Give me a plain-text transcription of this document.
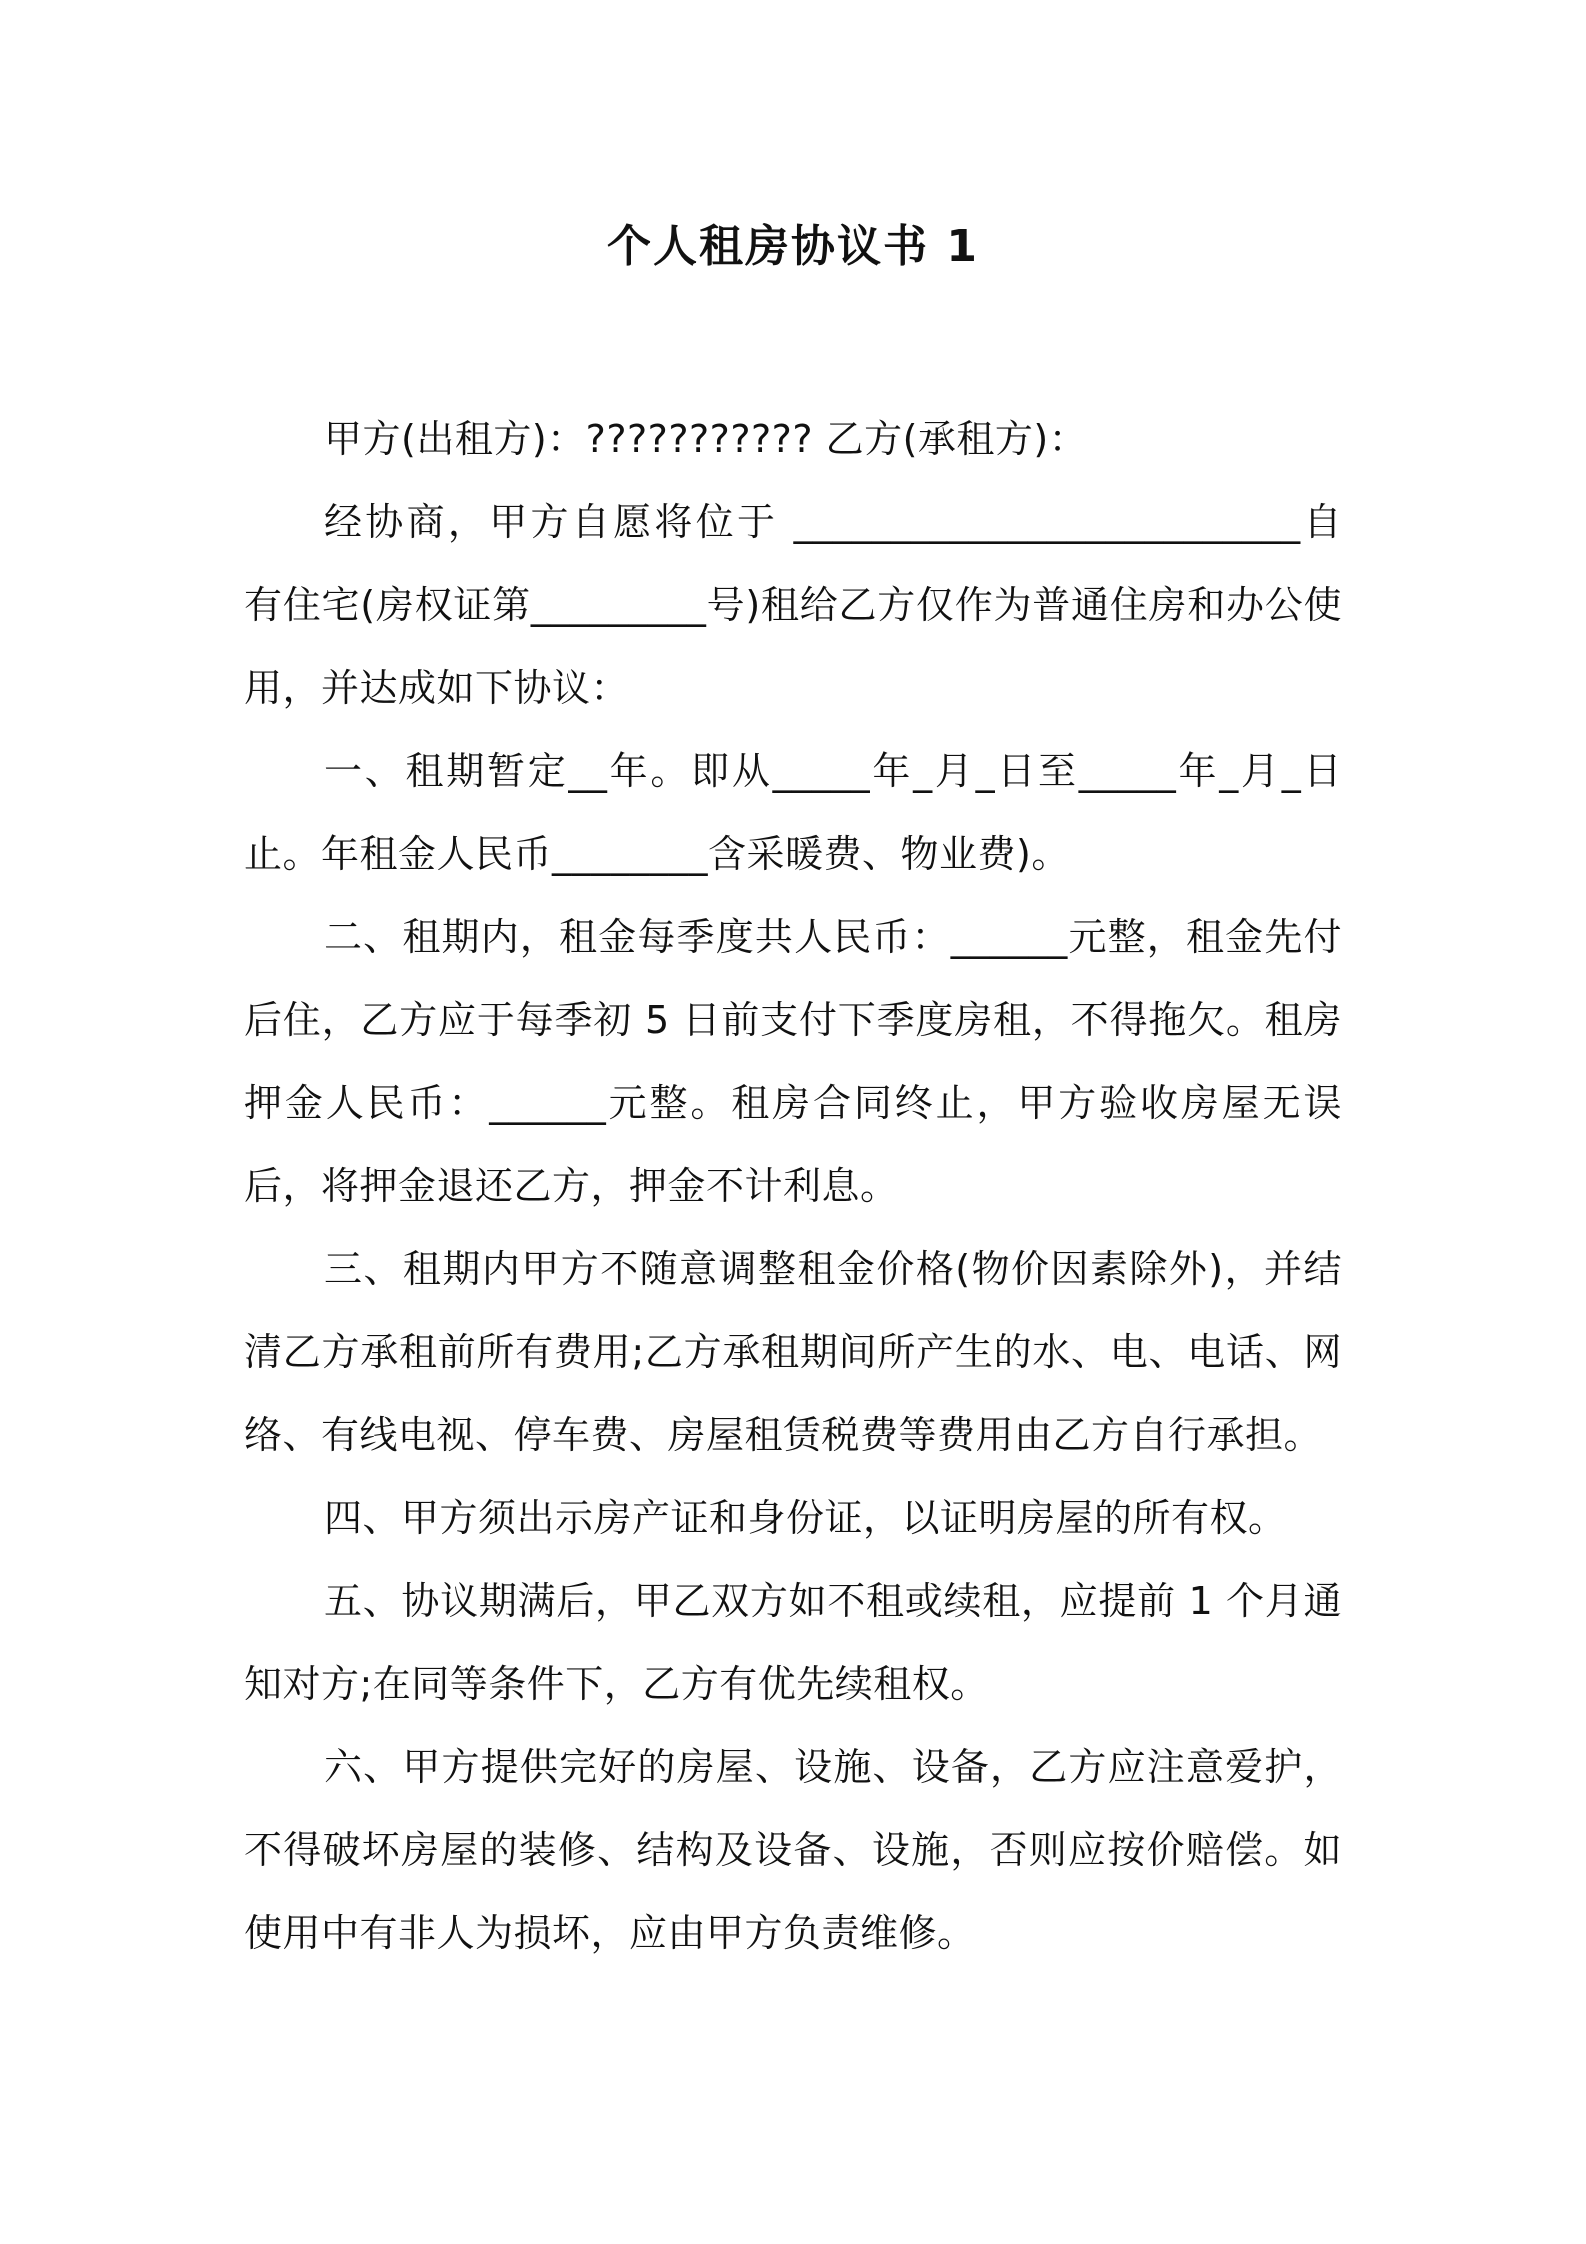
个人租房协议书 1

甲方(出租方)：??????????? 乙方(承租方)：

经协商，甲方自愿将位于 __________________________自有住宅(房权证第_________号)租给乙方仅作为普通住房和办公使用，并达成如下协议：

一、租期暂定__年。即从_____年_月_日至_____年_月_日止。年租金人民币________含采暖费、物业费)。

二、租期内，租金每季度共人民币：______元整，租金先付后住，乙方应于每季初 5 日前支付下季度房租，不得拖欠。租房押金人民币：______元整。租房合同终止，甲方验收房屋无误后，将押金退还乙方，押金不计利息。

三、租期内甲方不随意调整租金价格(物价因素除外)，并结清乙方承租前所有费用;乙方承租期间所产生的水、电、电话、网络、有线电视、停车费、房屋租赁税费等费用由乙方自行承担。

四、甲方须出示房产证和身份证，以证明房屋的所有权。

五、协议期满后，甲乙双方如不租或续租，应提前 1 个月通知对方;在同等条件下，乙方有优先续租权。

六、甲方提供完好的房屋、设施、设备，乙方应注意爱护，不得破坏房屋的装修、结构及设备、设施，否则应按价赔偿。如使用中有非人为损坏，应由甲方负责维修。
